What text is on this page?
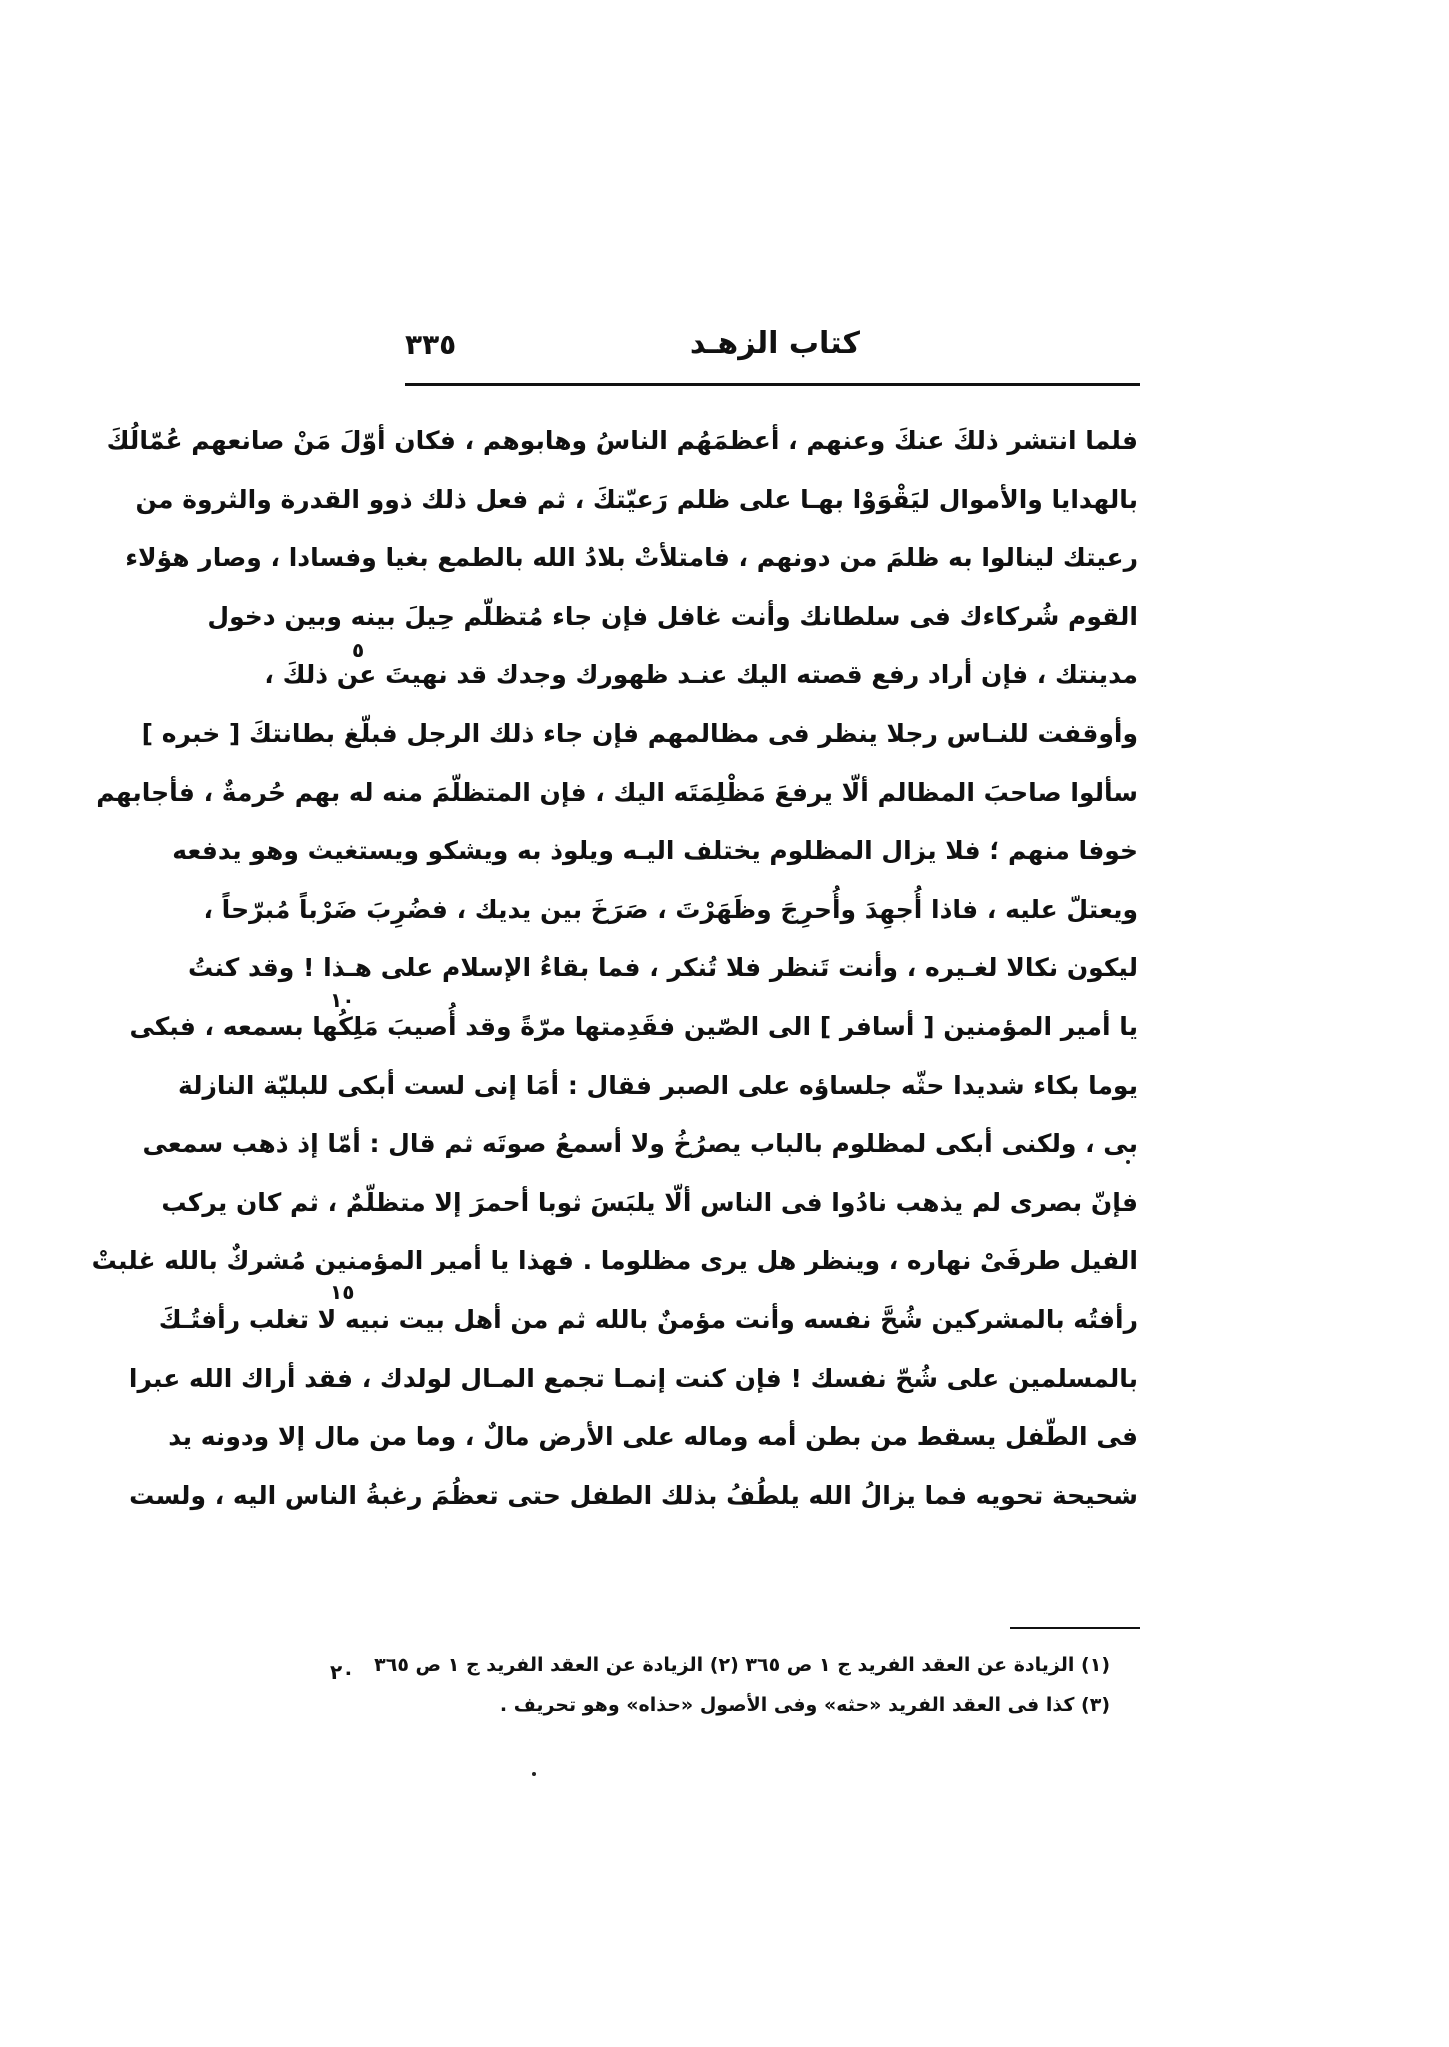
كتاب الزهـد
٣٣٥
فلما انتشر ذلكَ عنكَ وعنهم ، أعظمَهُم الناسُ وهابوهم ، فكان أوّلَ مَنْ صانعهم عُمّالُكَ
بالهدايا والأموال ليَقْوَوْا بهـا على ظلم رَعيّتكَ ، ثم فعل ذلك ذوو القدرة والثروة من
رعيتك لينالوا به ظلمَ من دونهم ، فامتلأتْ بلادُ الله بالطمع بغيا وفسادا ، وصار هؤلاء
القوم شُركاءك فى سلطانك وأنت غافل فإن جاء مُتظلّم حِيلَ بينه وبين دخول
مدينتك ، فإن أراد رفع قصته اليك عنـد ظهورك وجدك قد نهيتَ عن ذلكَ ،
وأوقفت للنـاس رجلا ينظر فى مظالمهم فإن جاء ذلك الرجل فبلّغ بطانتكَ [ خبره ]
سألوا صاحبَ المظالم ألّا يرفعَ مَظْلِمَتَه اليك ، فإن المتظلّمَ منه له بهم حُرمةٌ ، فأجابهم
خوفا منهم ؛ فلا يزال المظلوم يختلف اليـه ويلوذ به ويشكو ويستغيث وهو يدفعه
ويعتلّ عليه ، فاذا أُجهِدَ وأُحرِجَ وظَهَرْتَ ، صَرَخَ بين يديك ، فضُرِبَ ضَرْباً مُبرّحاً ،
ليكون نكالا لغـيره ، وأنت تَنظر فلا تُنكر ، فما بقاءُ الإسلام على هـذا ! وقد كنتُ
يا أمير المؤمنين [ أسافر ] الى الصّين فقَدِمتها مرّةً وقد أُصيبَ مَلِكُها بسمعه ، فبكى
يوما بكاء شديدا حثّه جلساؤه على الصبر فقال : أمَا إنى لست أبكى للبليّة النازلة
بى ، ولكنى أبكى لمظلوم بالباب يصرُخُ ولا أسمعُ صوتَه ثم قال : أمّا إذ ذهب سمعى
فإنّ بصرى لم يذهب نادُوا فى الناس ألّا يلبَسَ ثوبا أحمرَ إلا متظلّمٌ ، ثم كان يركب
الفيل طرفَىْ نهاره ، وينظر هل يرى مظلوما . فهذا يا أمير المؤمنين مُشركٌ بالله غلبتْ
رأفتُه بالمشركين شُحَّ نفسه وأنت مؤمنٌ بالله ثم من أهل بيت نبيه لا تغلب رأفتُـكَ
بالمسلمين على شُحّ نفسك ! فإن كنت إنمـا تجمع المـال لولدك ، فقد أراك الله عبرا
فى الطّفل يسقط من بطن أمه وماله على الأرض مالٌ ، وما من مال إلا ودونه يد
شحيحة تحويه فما يزالُ الله يلطُفُ بذلك الطفل حتى تعظُمَ رغبةُ الناس اليه ، ولست
٥
١٠
١٥
٢٠ (١) الزيادة عن العقد الفريد ج ١ ص ٣٦٥ (٢) الزيادة عن العقد الفريد ج ١ ص ٣٦٥
(٣) كذا فى العقد الفريد «حثه» وفى الأصول «حذاه» وهو تحريف .
